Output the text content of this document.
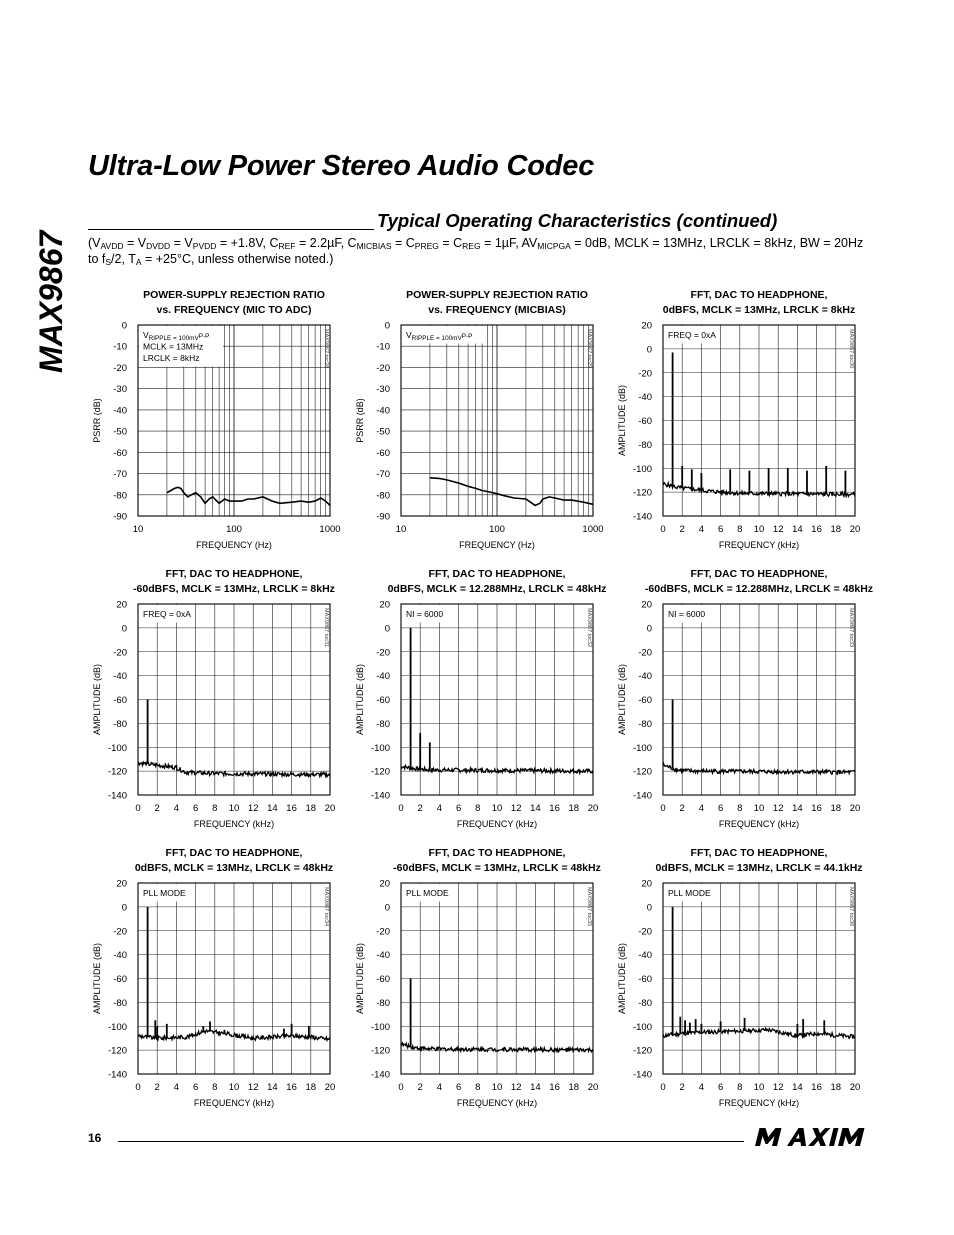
MAX9867
Ultra-Low Power Stereo Audio Codec
Typical Operating Characteristics (continued)
($V_{AVDD} = V_{DVDD} = V_{PVDD} = +1.8V$, $C_{REF} = 2.2\mu F$, $C_{MICBIAS} = C_{PREG} = C_{REG} = 1\mu F$, $AV_{MICPGA} = 0dB$, MCLK = 13MHz, LRCLK = 8kHz, BW = 20Hz to $f_S/2$, $T_A = +25^\circ C$, unless otherwise noted.)
POWER-SUPPLY REJECTION RATIO
vs. FREQUENCY (MIC TO ADC)
0
-10
-20
-30
-40
-50
-60
-70
-80
-90
10	100	1000
FREQUENCY (Hz)
PSRR (dB)
MAX9867 toc28
$V_{RIPPLE = 100mV}^{P-P}$
MCLK = 13MHz
LRCLK = 8kHz
POWER-SUPPLY REJECTION RATIO
vs. FREQUENCY (MICBIAS)
0
-10
-20
-30
-40
-50
-60
-70
-80
-90
10	100	1000
FREQUENCY (Hz)
PSRR (dB)
MAX9867 toc29
$V_{RIPPLE = 100mV}^{P-P}$
FFT, DAC TO HEADPHONE,
0dBFS, MCLK = 13MHz, LRCLK = 8kHz
20
0
-20
-40
-60
-80
-100
-120
-140
0 2 4 6 8 10 12 14 16 18 20
FREQUENCY (kHz)
AMPLITUDE (dB)
MAX9867 toc30
FREQ = 0xA
FFT, DAC TO HEADPHONE,
-60dBFS, MCLK = 13MHz, LRCLK = 8kHz
20
0
-20
-40
-60
-80
-100
-120
-140
0 2 4 6 8 10 12 14 16 18 20
FREQUENCY (kHz)
AMPLITUDE (dB)
MAX9867 toc31
FREQ = 0xA
FFT, DAC TO HEADPHONE,
0dBFS, MCLK = 12.288MHz, LRCLK = 48kHz
20
0
-20
-40
-60
-80
-100
-120
-140
0 2 4 6 8 10 12 14 16 18 20
FREQUENCY (kHz)
AMPLITUDE (dB)
MAX9867 toc32
NI = 6000
FFT, DAC TO HEADPHONE,
-60dBFS, MCLK = 12.288MHz, LRCLK = 48kHz
20
0
-20
-40
-60
-80
-100
-120
-140
0 2 4 6 8 10 12 14 16 18 20
FREQUENCY (kHz)
AMPLITUDE (dB)
MAX9867 toc33
NI = 6000
FFT, DAC TO HEADPHONE,
0dBFS, MCLK = 13MHz, LRCLK = 48kHz
20
0
-20
-40
-60
-80
-100
-120
-140
0 2 4 6 8 10 12 14 16 18 20
FREQUENCY (kHz)
AMPLITUDE (dB)
MAX9867 toc34
PLL MODE
FFT, DAC TO HEADPHONE,
-60dBFS, MCLK = 13MHz, LRCLK = 48kHz
20
0
-20
-40
-60
-80
-100
-120
-140
0 2 4 6 8 10 12 14 16 18 20
FREQUENCY (kHz)
AMPLITUDE (dB)
MAX9867 toc35
PLL MODE
FFT, DAC TO HEADPHONE,
0dBFS, MCLK = 13MHz, LRCLK = 44.1kHz
20
0
-20
-40
-60
-80
-100
-120
-140
0 2 4 6 8 10 12 14 16 18 20
FREQUENCY (kHz)
AMPLITUDE (dB)
MAX9867 toc36
PLL MODE
16
